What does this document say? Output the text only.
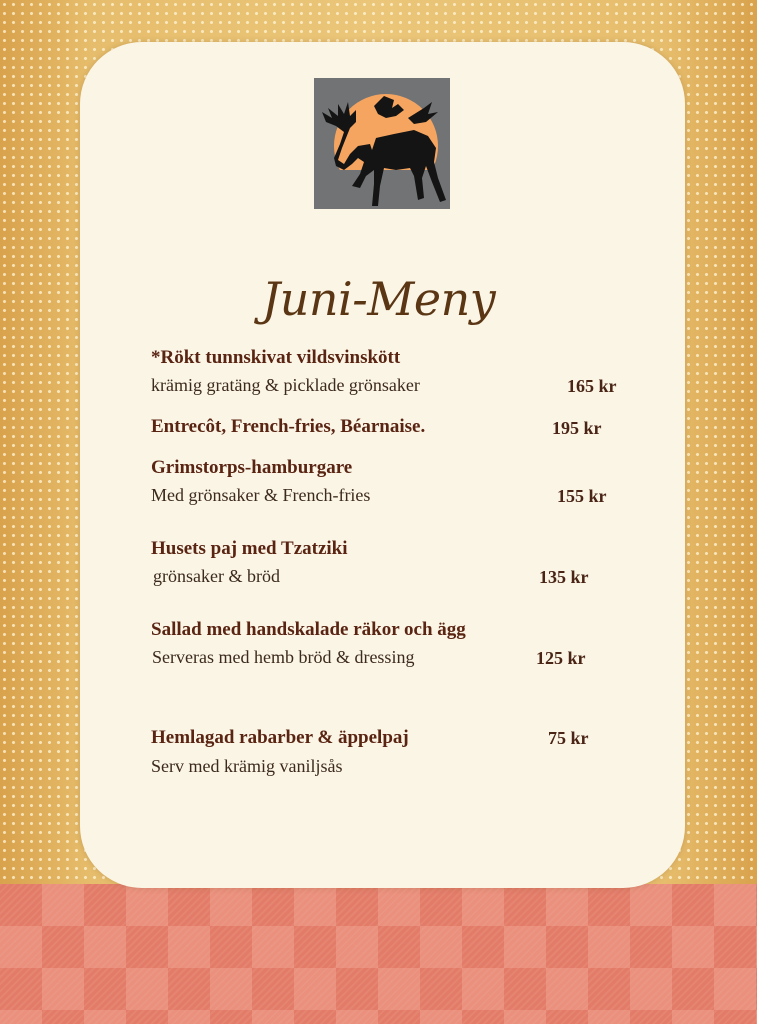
Juni-Meny
*Rökt tunnskivat vildsvinskött
krämig gratäng & picklade grönsaker	165 kr
Entrecôt, French-fries, Béarnaise.	195 kr
Grimstorps-hamburgare
Med grönsaker & French-fries	155 kr
Husets paj med Tzatziki
grönsaker & bröd	135 kr
Sallad med handskalade räkor och ägg
Serveras med hemb bröd & dressing	125 kr
Hemlagad rabarber & äppelpaj	75 kr
Serv med krämig vaniljsås
